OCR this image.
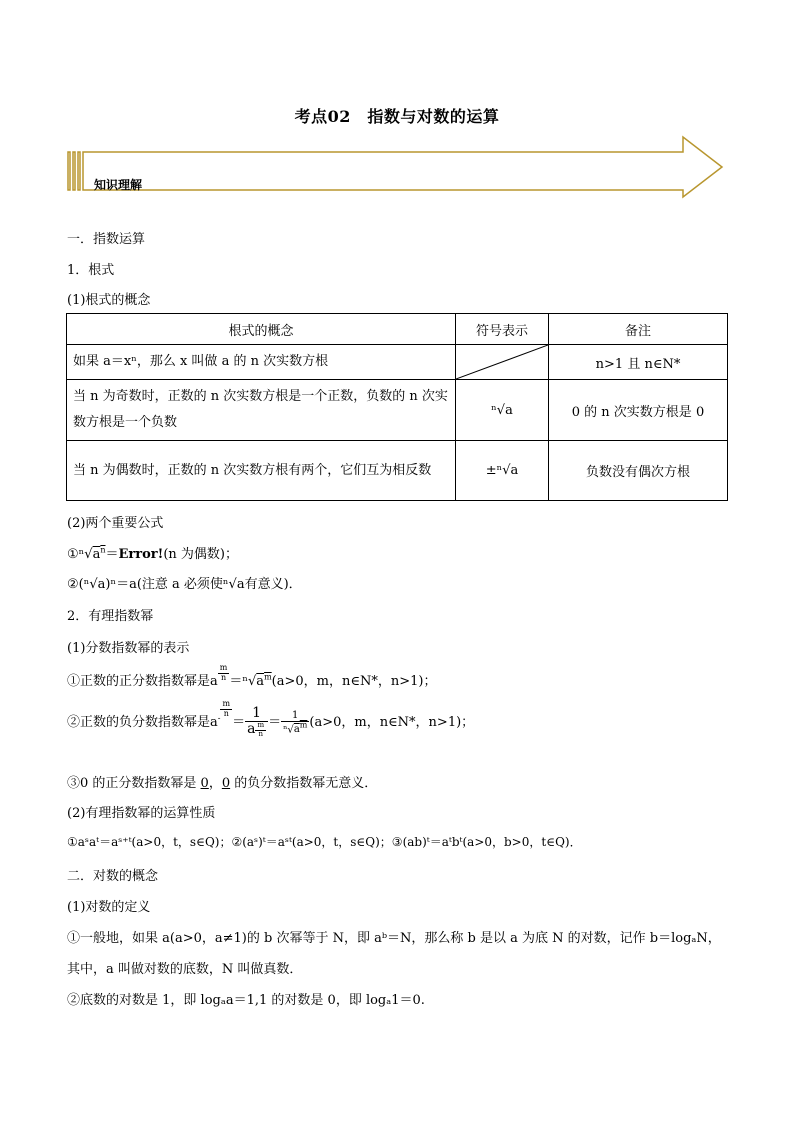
考点02　指数与对数的运算
知识理解
一．指数运算
1．根式
(1)根式的概念
根式的概念	符号表示	备注
如果 a＝xⁿ，那么 x 叫做 a 的 n 次实数方根		n>1 且 n∈N*
当 n 为奇数时，正数的 n 次实数方根是一个正数，负数的 n 次实数方根是一个负数	ⁿ√a	0 的 n 次实数方根是 0
当 n 为偶数时，正数的 n 次实数方根有两个，它们互为相反数	±ⁿ√a	负数没有偶次方根
(2)两个重要公式
$①^n√a^n=Error!(n$ 为偶数)；
②(ⁿ√a)ⁿ＝a(注意 a 必须使ⁿ√a有意义)．
2．有理指数幂
(1)分数指数幂的表示
①正数的正分数指数幂是a $\frac{m}{n} =^n√a^m(a>0$，m，n∈N*，n>1)；
②正数的负分数指数幂是$a^- \frac{m}{n}$
＝ $\frac{1}{a \frac{m}{n}} = \frac{1}{^n√a^m} (a>0$，m，n∈N*，n>1)；
③0 的正分数指数幂是 0，0 的负分数指数幂无意义．
(2)有理指数幂的运算性质
①aˢaᵗ＝aˢ⁺ᵗ(a>0，t，s∈Q)；②(aˢ)ᵗ＝aˢᵗ(a>0，t，s∈Q)；③(ab)ᵗ＝aᵗbᵗ(a>0，b>0，t∈Q)．
二．对数的概念
(1)对数的定义
①一般地，如果 a(a>0，a≠1)的 b 次幂等于 N，即 aᵇ＝N，那么称 b 是以 a 为底 N 的对数，记作 b＝logₐN，
其中，a 叫做对数的底数，N 叫做真数．
②底数的对数是 1，即 logₐa＝1,1 的对数是 0，即 logₐ1＝0.
